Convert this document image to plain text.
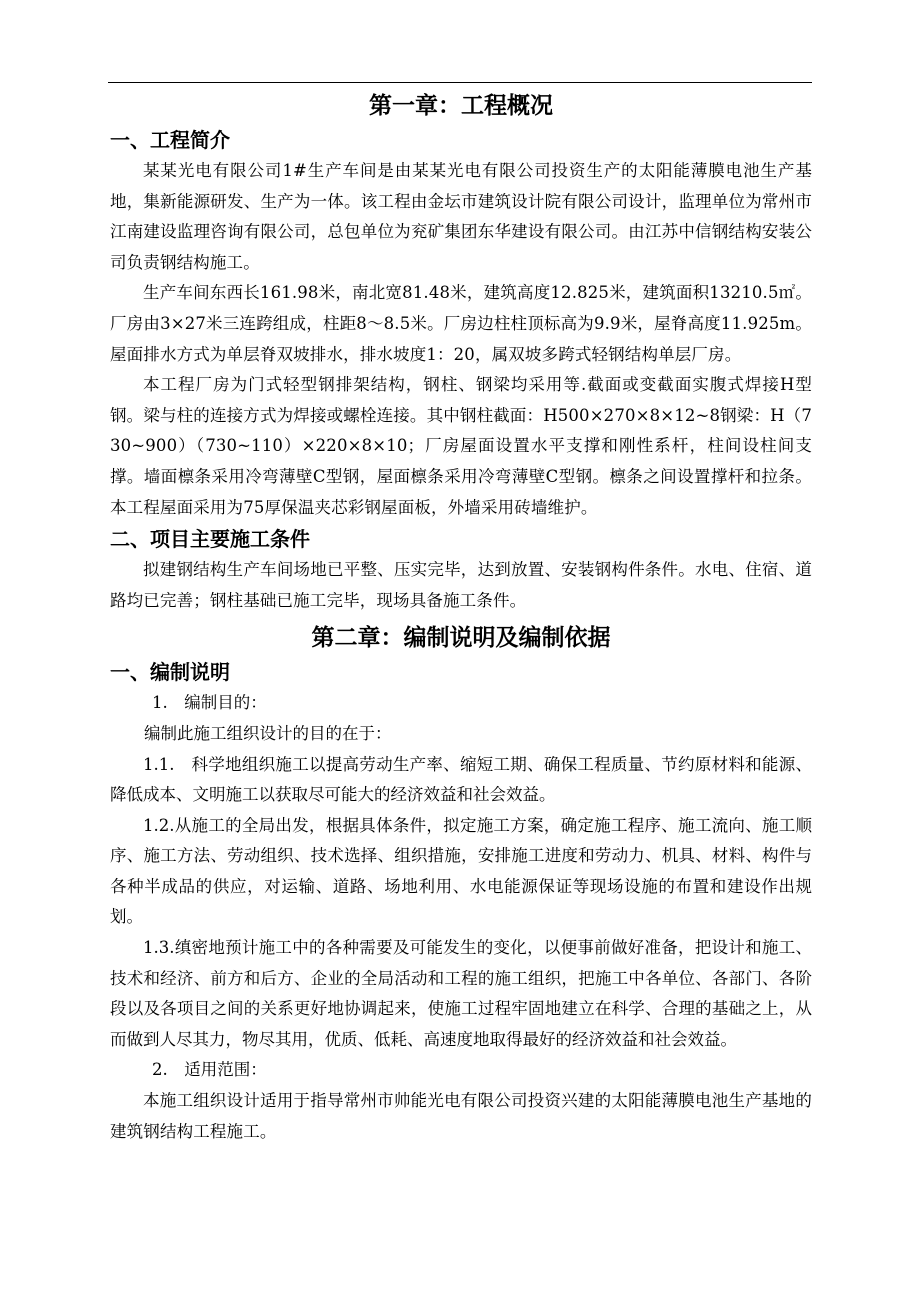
第一章：工程概况
一、工程简介

某某光电有限公司1#生产车间是由某某光电有限公司投资生产的太阳能薄膜电池生产基地，集新能源研发、生产为一体。该工程由金坛市建筑设计院有限公司设计，监理单位为常州市江南建设监理咨询有限公司，总包单位为兖矿集团东华建设有限公司。由江苏中信钢结构安装公司负责钢结构施工。

生产车间东西长161.98米，南北宽81.48米，建筑高度12.825米，建筑面积13210.5㎡。厂房由3×27米三连跨组成，柱距8～8.5米。厂房边柱柱顶标高为9.9米，屋脊高度11.925m。屋面排水方式为单层脊双坡排水，排水坡度1：20，属双坡多跨式轻钢结构单层厂房。

本工程厂房为门式轻型钢排架结构，钢柱、钢梁均采用等.截面或变截面实腹式焊接H型钢。梁与柱的连接方式为焊接或螺栓连接。其中钢柱截面：H500×270×8×12~8钢梁：H（730~900）（730~110）×220×8×10；厂房屋面设置水平支撑和刚性系杆，柱间设柱间支撑。墙面檩条采用冷弯薄壁C型钢，屋面檩条采用冷弯薄壁C型钢。檩条之间设置撑杆和拉条。本工程屋面采用为75厚保温夹芯彩钢屋面板，外墙采用砖墙维护。

二、项目主要施工条件

拟建钢结构生产车间场地已平整、压实完毕，达到放置、安装钢构件条件。水电、住宿、道路均已完善；钢柱基础已施工完毕，现场具备施工条件。

第二章：编制说明及编制依据
一、编制说明

1.　编制目的：

编制此施工组织设计的目的在于：

1.1.　科学地组织施工以提高劳动生产率、缩短工期、确保工程质量、节约原材料和能源、降低成本、文明施工以获取尽可能大的经济效益和社会效益。

1.2.从施工的全局出发，根据具体条件，拟定施工方案，确定施工程序、施工流向、施工顺序、施工方法、劳动组织、技术选择、组织措施，安排施工进度和劳动力、机具、材料、构件与各种半成品的供应，对运输、道路、场地利用、水电能源保证等现场设施的布置和建设作出规划。

1.3.缜密地预计施工中的各种需要及可能发生的变化，以便事前做好准备，把设计和施工、技术和经济、前方和后方、企业的全局活动和工程的施工组织，把施工中各单位、各部门、各阶段以及各项目之间的关系更好地协调起来，使施工过程牢固地建立在科学、合理的基础之上，从而做到人尽其力，物尽其用，优质、低耗、高速度地取得最好的经济效益和社会效益。

2.　适用范围：

本施工组织设计适用于指导常州市帅能光电有限公司投资兴建的太阳能薄膜电池生产基地的建筑钢结构工程施工。
